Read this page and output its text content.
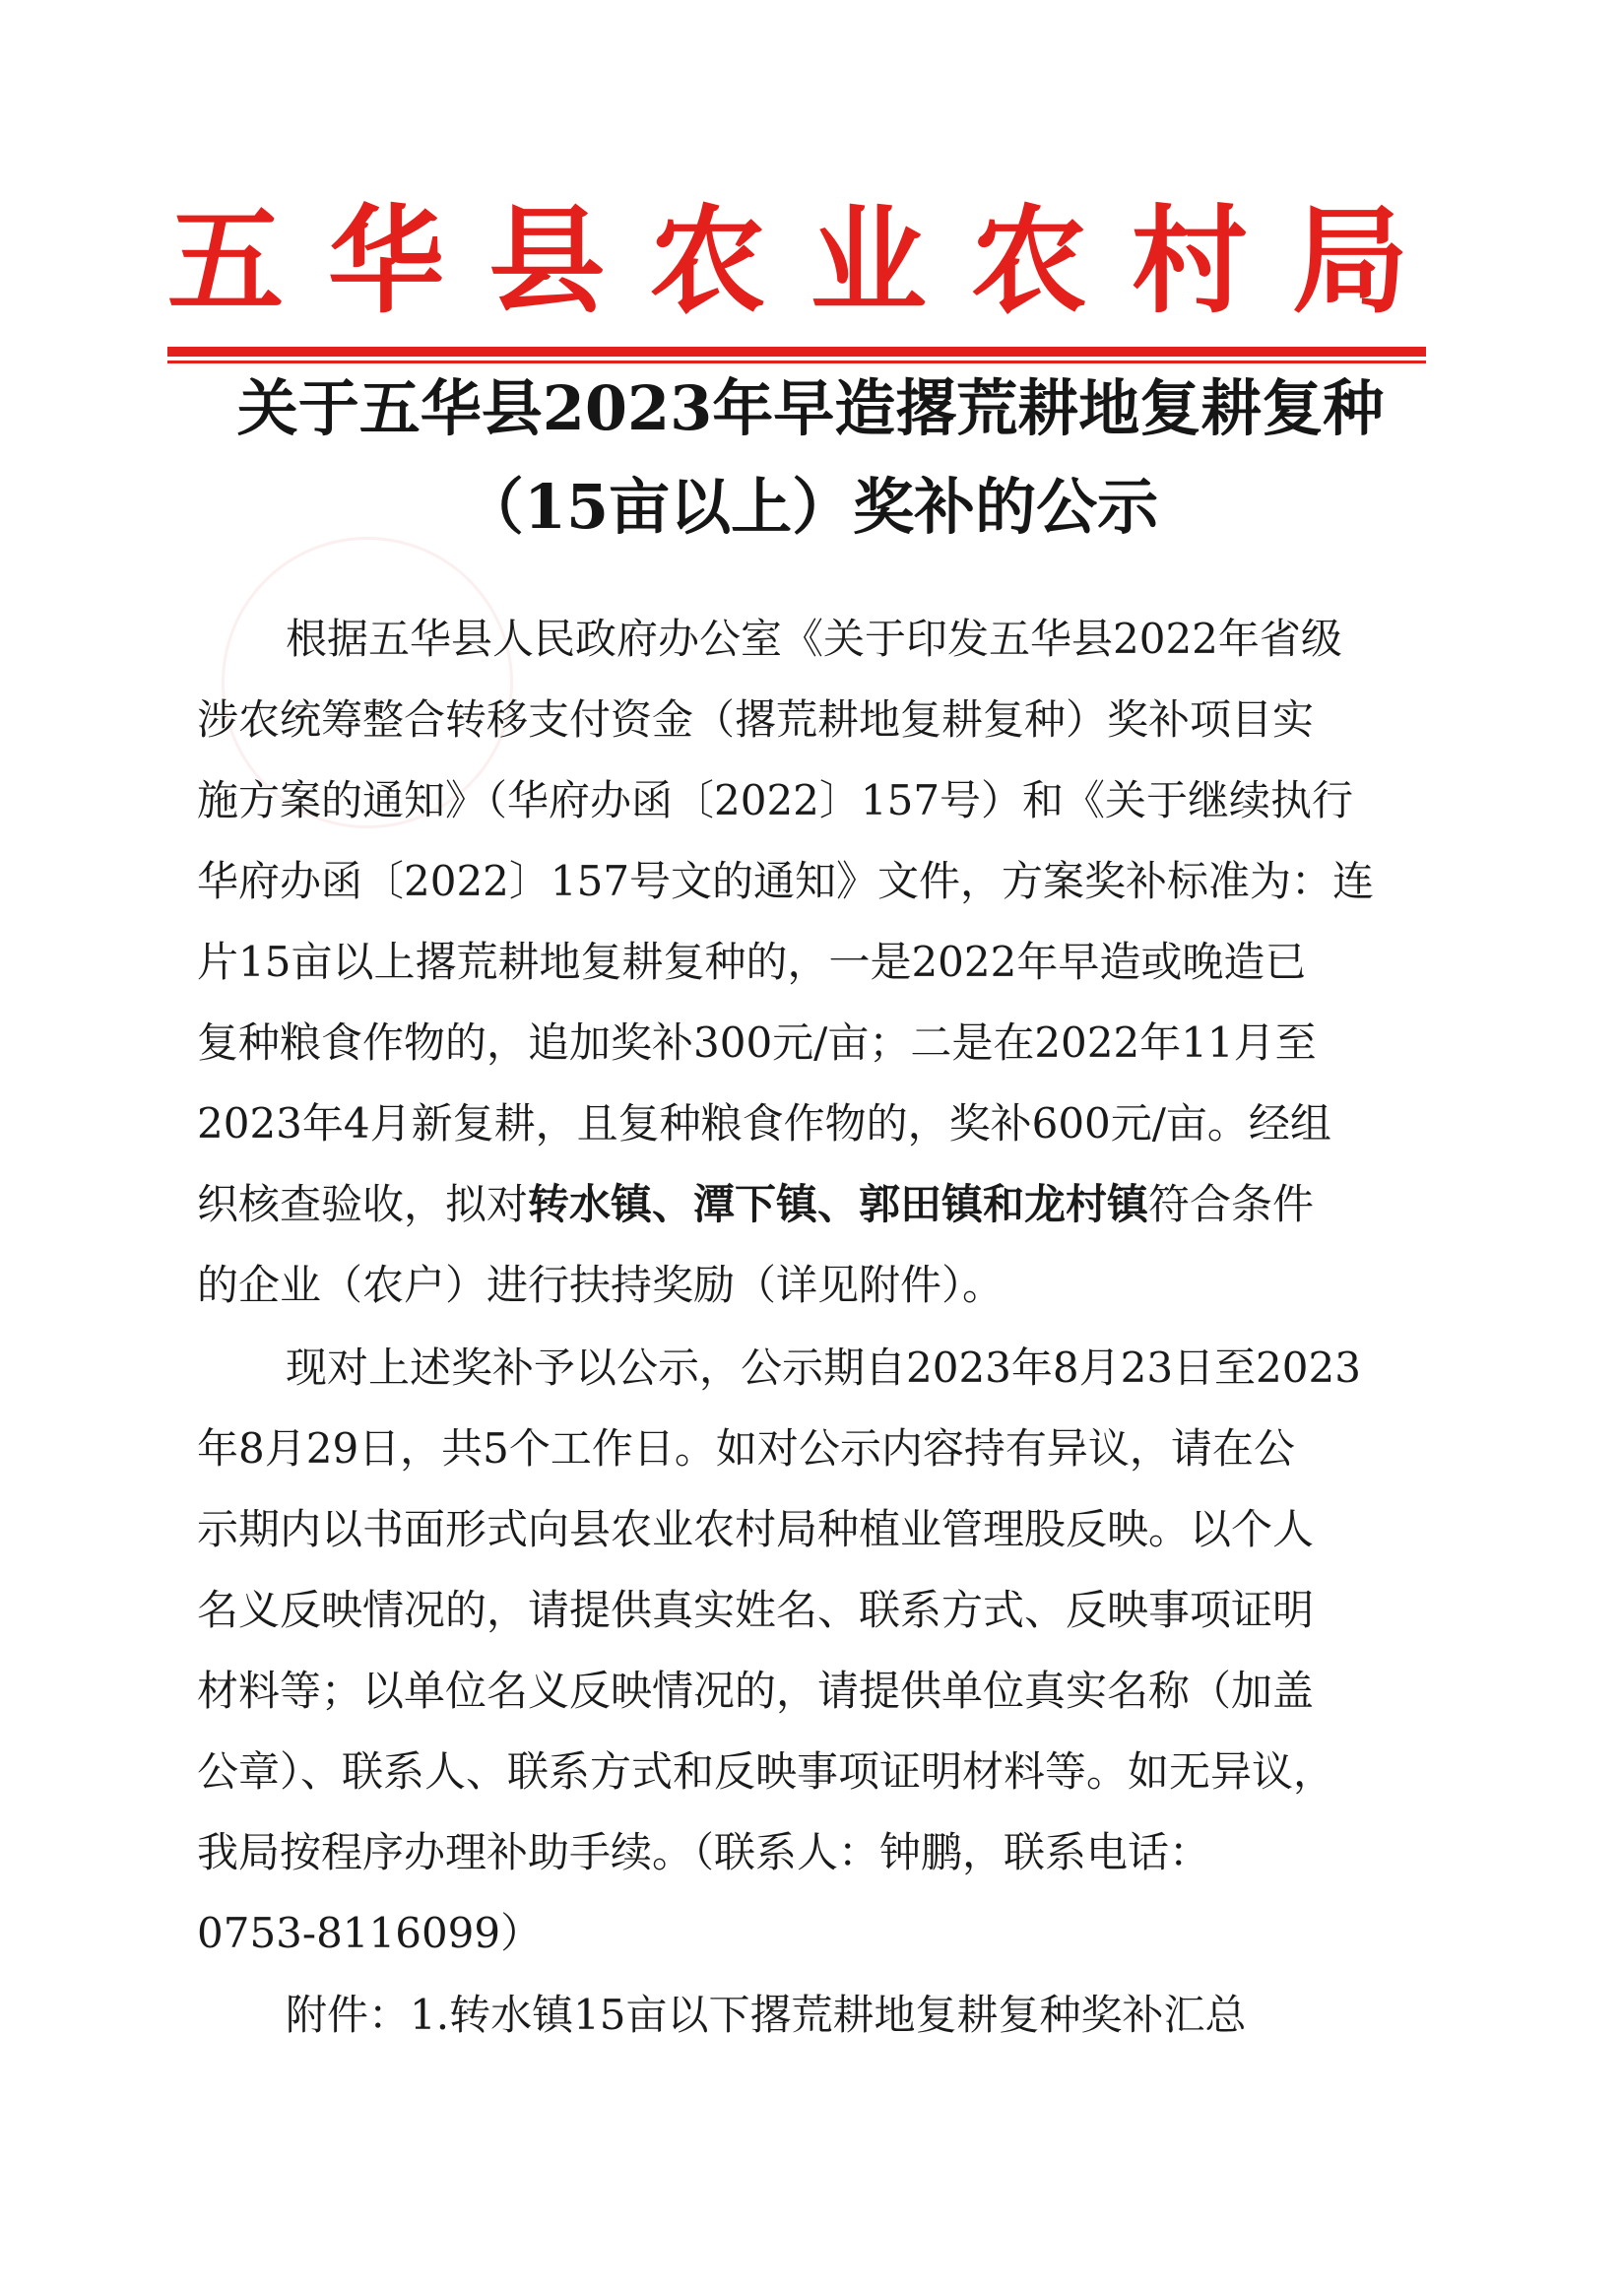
五 华 县 农 业 农 村 局
关于五华县2023年早造撂荒耕地复耕复种
（15亩以上）奖补的公示
根据五华县人民政府办公室《关于印发五华县2022年省级
涉农统筹整合转移支付资金（撂荒耕地复耕复种）奖补项目实
施方案的通知》（华府办函〔2022〕157号）和《关于继续执行
华府办函〔2022〕157号文的通知》文件，方案奖补标准为：连
片15亩以上撂荒耕地复耕复种的，一是2022年早造或晚造已
复种粮食作物的，追加奖补300元/亩；二是在2022年11月至
2023年4月新复耕，且复种粮食作物的，奖补600元/亩。经组
织核查验收，拟对转水镇、潭下镇、郭田镇和龙村镇符合条件
的企业（农户）进行扶持奖励（详见附件）。
现对上述奖补予以公示，公示期自2023年8月23日至2023
年8月29日，共5个工作日。如对公示内容持有异议，请在公
示期内以书面形式向县农业农村局种植业管理股反映。以个人
名义反映情况的，请提供真实姓名、联系方式、反映事项证明
材料等；以单位名义反映情况的，请提供单位真实名称（加盖
公章）、联系人、联系方式和反映事项证明材料等。如无异议，
我局按程序办理补助手续。（联系人：钟鹏，联系电话：
0753-8116099）
附件：1.转水镇15亩以下撂荒耕地复耕复种奖补汇总
